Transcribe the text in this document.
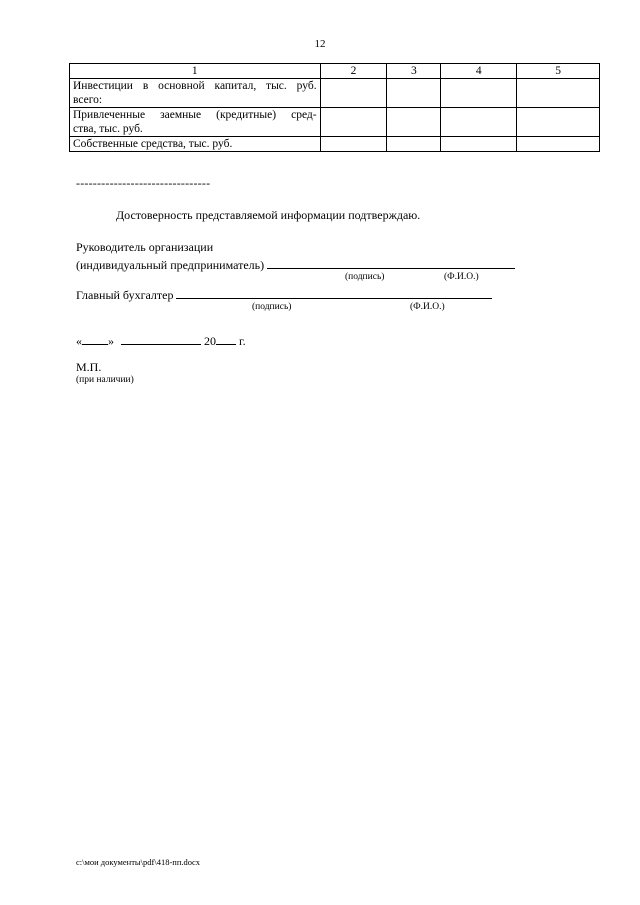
12
1	2	3	4	5

Инвестиции в основной капитал, тыс. руб.
всего:				

Привлеченные заемные (кредитные) сред-
ства, тыс. руб.				

Собственные средства, тыс. руб.				

--------------------------------
Достоверность представляемой информации подтверждаю.
Руководитель организации
(индивидуальный предприниматель)
(подпись)	(Ф.И.О.)
Главный бухгалтер
(подпись)	(Ф.И.О.)
« »	20 г.
М.П.
(при наличии)
c:\мои документы\pdf\418-пп.docx
